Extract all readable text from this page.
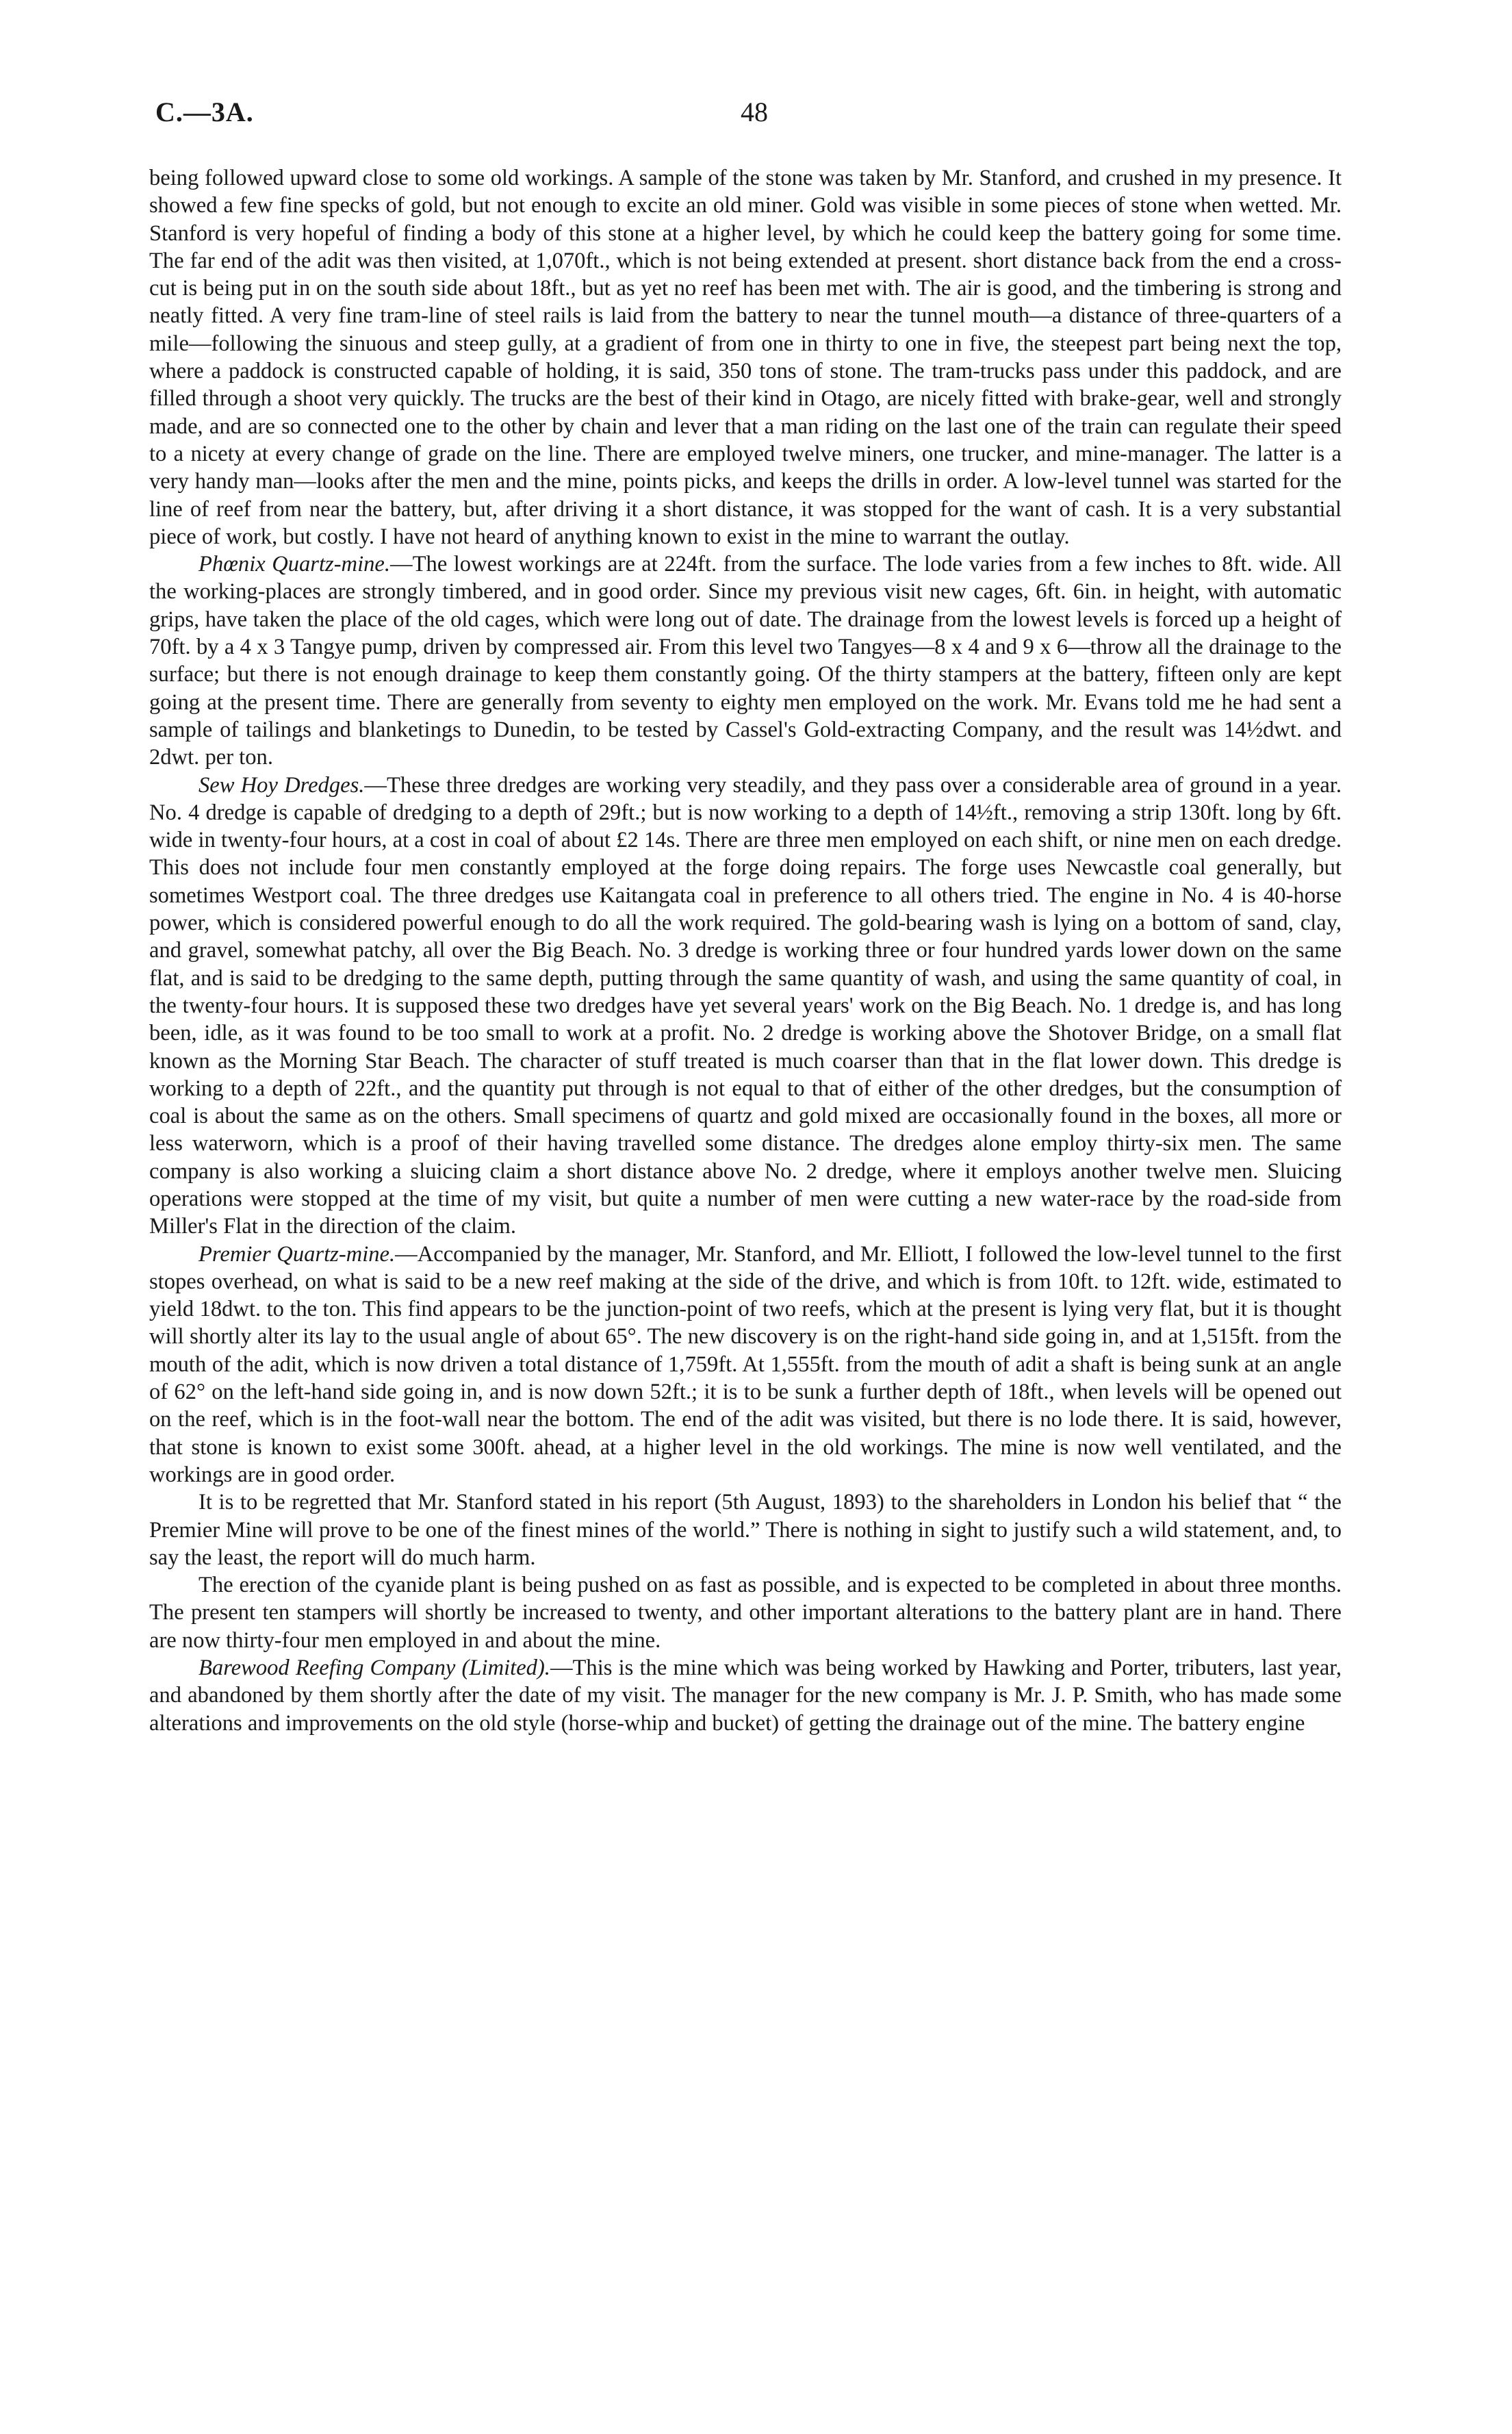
C.—3A.	48

being followed upward close to some old workings. A sample of the stone was taken by Mr. Stanford, and crushed in my presence. It showed a few fine specks of gold, but not enough to excite an old miner. Gold was visible in some pieces of stone when wetted. Mr. Stanford is very hopeful of finding a body of this stone at a higher level, by which he could keep the battery going for some time. The far end of the adit was then visited, at 1,070ft., which is not being extended at present. short distance back from the end a cross-cut is being put in on the south side about 18ft., but as yet no reef has been met with. The air is good, and the timbering is strong and neatly fitted. A very fine tram-line of steel rails is laid from the battery to near the tunnel mouth—a distance of three-quarters of a mile—following the sinuous and steep gully, at a gradient of from one in thirty to one in five, the steepest part being next the top, where a paddock is constructed capable of holding, it is said, 350 tons of stone. The tram-trucks pass under this paddock, and are filled through a shoot very quickly. The trucks are the best of their kind in Otago, are nicely fitted with brake-gear, well and strongly made, and are so connected one to the other by chain and lever that a man riding on the last one of the train can regulate their speed to a nicety at every change of grade on the line. There are employed twelve miners, one trucker, and mine-manager. The latter is a very handy man—looks after the men and the mine, points picks, and keeps the drills in order. A low-level tunnel was started for the line of reef from near the battery, but, after driving it a short distance, it was stopped for the want of cash. It is a very substantial piece of work, but costly. I have not heard of anything known to exist in the mine to warrant the outlay.

Phœnix Quartz-mine.—The lowest workings are at 224ft. from the surface. The lode varies from a few inches to 8ft. wide. All the working-places are strongly timbered, and in good order. Since my previous visit new cages, 6ft. 6in. in height, with automatic grips, have taken the place of the old cages, which were long out of date. The drainage from the lowest levels is forced up a height of 70ft. by a 4 x 3 Tangye pump, driven by compressed air. From this level two Tangyes—8 x 4 and 9 x 6—throw all the drainage to the surface; but there is not enough drainage to keep them constantly going. Of the thirty stampers at the battery, fifteen only are kept going at the present time. There are generally from seventy to eighty men employed on the work. Mr. Evans told me he had sent a sample of tailings and blanketings to Dunedin, to be tested by Cassel's Gold-extracting Company, and the result was 14½dwt. and 2dwt. per ton.

Sew Hoy Dredges.—These three dredges are working very steadily, and they pass over a considerable area of ground in a year. No. 4 dredge is capable of dredging to a depth of 29ft.; but is now working to a depth of 14½ft., removing a strip 130ft. long by 6ft. wide in twenty-four hours, at a cost in coal of about £2 14s. There are three men employed on each shift, or nine men on each dredge. This does not include four men constantly employed at the forge doing repairs. The forge uses Newcastle coal generally, but sometimes Westport coal. The three dredges use Kaitangata coal in preference to all others tried. The engine in No. 4 is 40-horse power, which is considered powerful enough to do all the work required. The gold-bearing wash is lying on a bottom of sand, clay, and gravel, somewhat patchy, all over the Big Beach. No. 3 dredge is working three or four hundred yards lower down on the same flat, and is said to be dredging to the same depth, putting through the same quantity of wash, and using the same quantity of coal, in the twenty-four hours. It is supposed these two dredges have yet several years' work on the Big Beach. No. 1 dredge is, and has long been, idle, as it was found to be too small to work at a profit. No. 2 dredge is working above the Shotover Bridge, on a small flat known as the Morning Star Beach. The character of stuff treated is much coarser than that in the flat lower down. This dredge is working to a depth of 22ft., and the quantity put through is not equal to that of either of the other dredges, but the consumption of coal is about the same as on the others. Small specimens of quartz and gold mixed are occasionally found in the boxes, all more or less waterworn, which is a proof of their having travelled some distance. The dredges alone employ thirty-six men. The same company is also working a sluicing claim a short distance above No. 2 dredge, where it employs another twelve men. Sluicing operations were stopped at the time of my visit, but quite a number of men were cutting a new water-race by the road-side from Miller's Flat in the direction of the claim.

Premier Quartz-mine.—Accompanied by the manager, Mr. Stanford, and Mr. Elliott, I followed the low-level tunnel to the first stopes overhead, on what is said to be a new reef making at the side of the drive, and which is from 10ft. to 12ft. wide, estimated to yield 18dwt. to the ton. This find appears to be the junction-point of two reefs, which at the present is lying very flat, but it is thought will shortly alter its lay to the usual angle of about 65°. The new discovery is on the right-hand side going in, and at 1,515ft. from the mouth of the adit, which is now driven a total distance of 1,759ft. At 1,555ft. from the mouth of adit a shaft is being sunk at an angle of 62° on the left-hand side going in, and is now down 52ft.; it is to be sunk a further depth of 18ft., when levels will be opened out on the reef, which is in the foot-wall near the bottom. The end of the adit was visited, but there is no lode there. It is said, however, that stone is known to exist some 300ft. ahead, at a higher level in the old workings. The mine is now well ventilated, and the workings are in good order.

It is to be regretted that Mr. Stanford stated in his report (5th August, 1893) to the shareholders in London his belief that “ the Premier Mine will prove to be one of the finest mines of the world.” There is nothing in sight to justify such a wild statement, and, to say the least, the report will do much harm.

The erection of the cyanide plant is being pushed on as fast as possible, and is expected to be completed in about three months. The present ten stampers will shortly be increased to twenty, and other important alterations to the battery plant are in hand. There are now thirty-four men employed in and about the mine.

Barewood Reefing Company (Limited).—This is the mine which was being worked by Hawking and Porter, tributers, last year, and abandoned by them shortly after the date of my visit. The manager for the new company is Mr. J. P. Smith, who has made some alterations and improvements on the old style (horse-whip and bucket) of getting the drainage out of the mine. The battery engine
